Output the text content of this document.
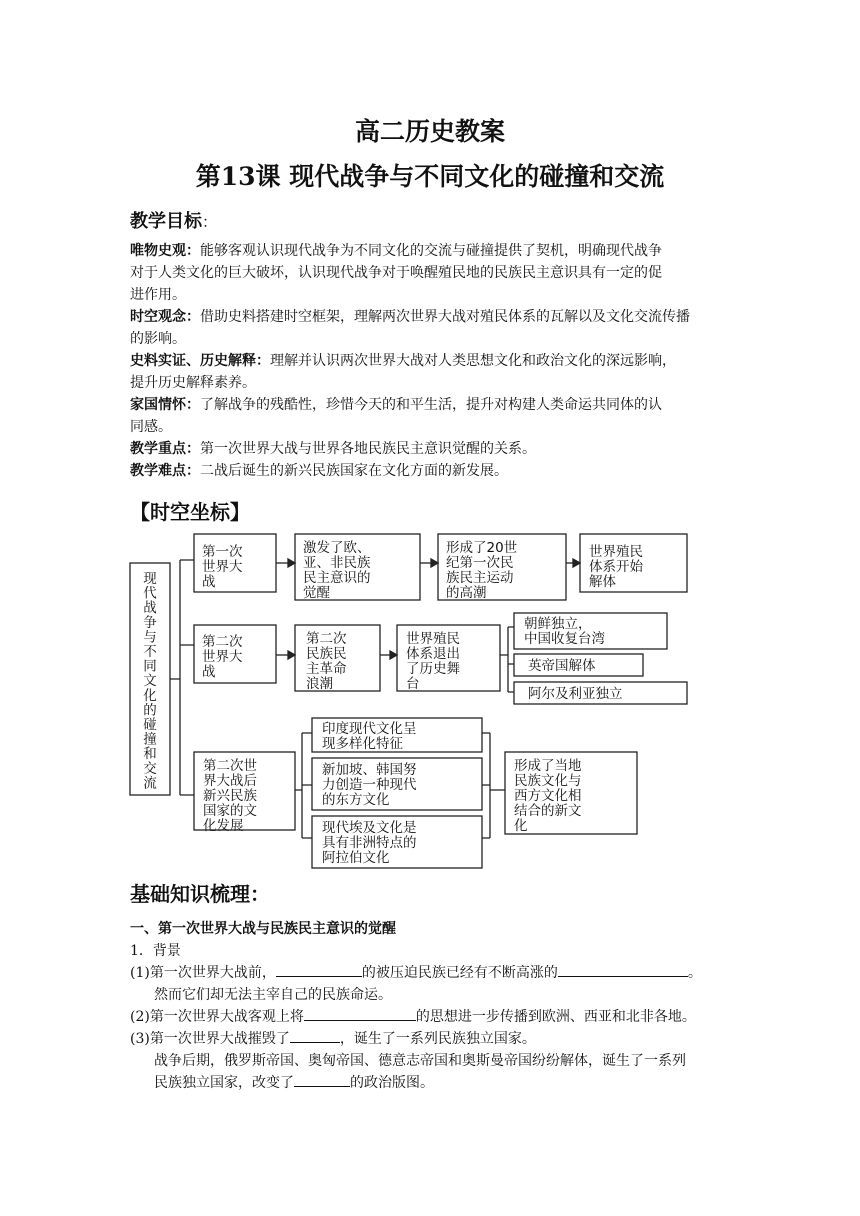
高二历史教案
第13课 现代战争与不同文化的碰撞和交流
教学目标：
唯物史观：能够客观认识现代战争为不同文化的交流与碰撞提供了契机，明确现代战争
对于人类文化的巨大破坏，认识现代战争对于唤醒殖民地的民族民主意识具有一定的促
进作用。
时空观念：借助史料搭建时空框架，理解两次世界大战对殖民体系的瓦解以及文化交流传播
的影响。
史料实证、历史解释：理解并认识两次世界大战对人类思想文化和政治文化的深远影响，
提升历史解释素养。
家国情怀：了解战争的残酷性，珍惜今天的和平生活，提升对构建人类命运共同体的认
同感。
教学重点：第一次世界大战与世界各地民族民主意识觉醒的关系。
教学难点：二战后诞生的新兴民族国家在文化方面的新发展。
【时空坐标】
现
代
战
争
与
不
同
文
化
的
碰
撞
和
交
流
第一次
世界大
战
激发了欧、
亚、非民族
民主意识的
觉醒
形成了20世
纪第一次民
族民主运动
的高潮
世界殖民
体系开始
解体
第二次
世界大
战
第二次
民族民
主革命
浪潮
世界殖民
体系退出
了历史舞
台
朝鲜独立，
中国收复台湾
英帝国解体
阿尔及利亚独立
第二次世
界大战后
新兴民族
国家的文
化发展
印度现代文化呈
现多样化特征
新加坡、韩国努
力创造一种现代
的东方文化
现代埃及文化是
具有非洲特点的
阿拉伯文化
形成了当地
民族文化与
西方文化相
结合的新文
化
基础知识梳理：
一、第一次世界大战与民族民主意识的觉醒
1．背景
(1)第一次世界大战前，	的被压迫民族已经有不断高涨的	。
然而它们却无法主宰自己的民族命运。
(2)第一次世界大战客观上将	的思想进一步传播到欧洲、西亚和北非各地。
(3)第一次世界大战摧毁了	，诞生了一系列民族独立国家。
战争后期，俄罗斯帝国、奥匈帝国、德意志帝国和奥斯曼帝国纷纷解体，诞生了一系列
民族独立国家，改变了	的政治版图。
